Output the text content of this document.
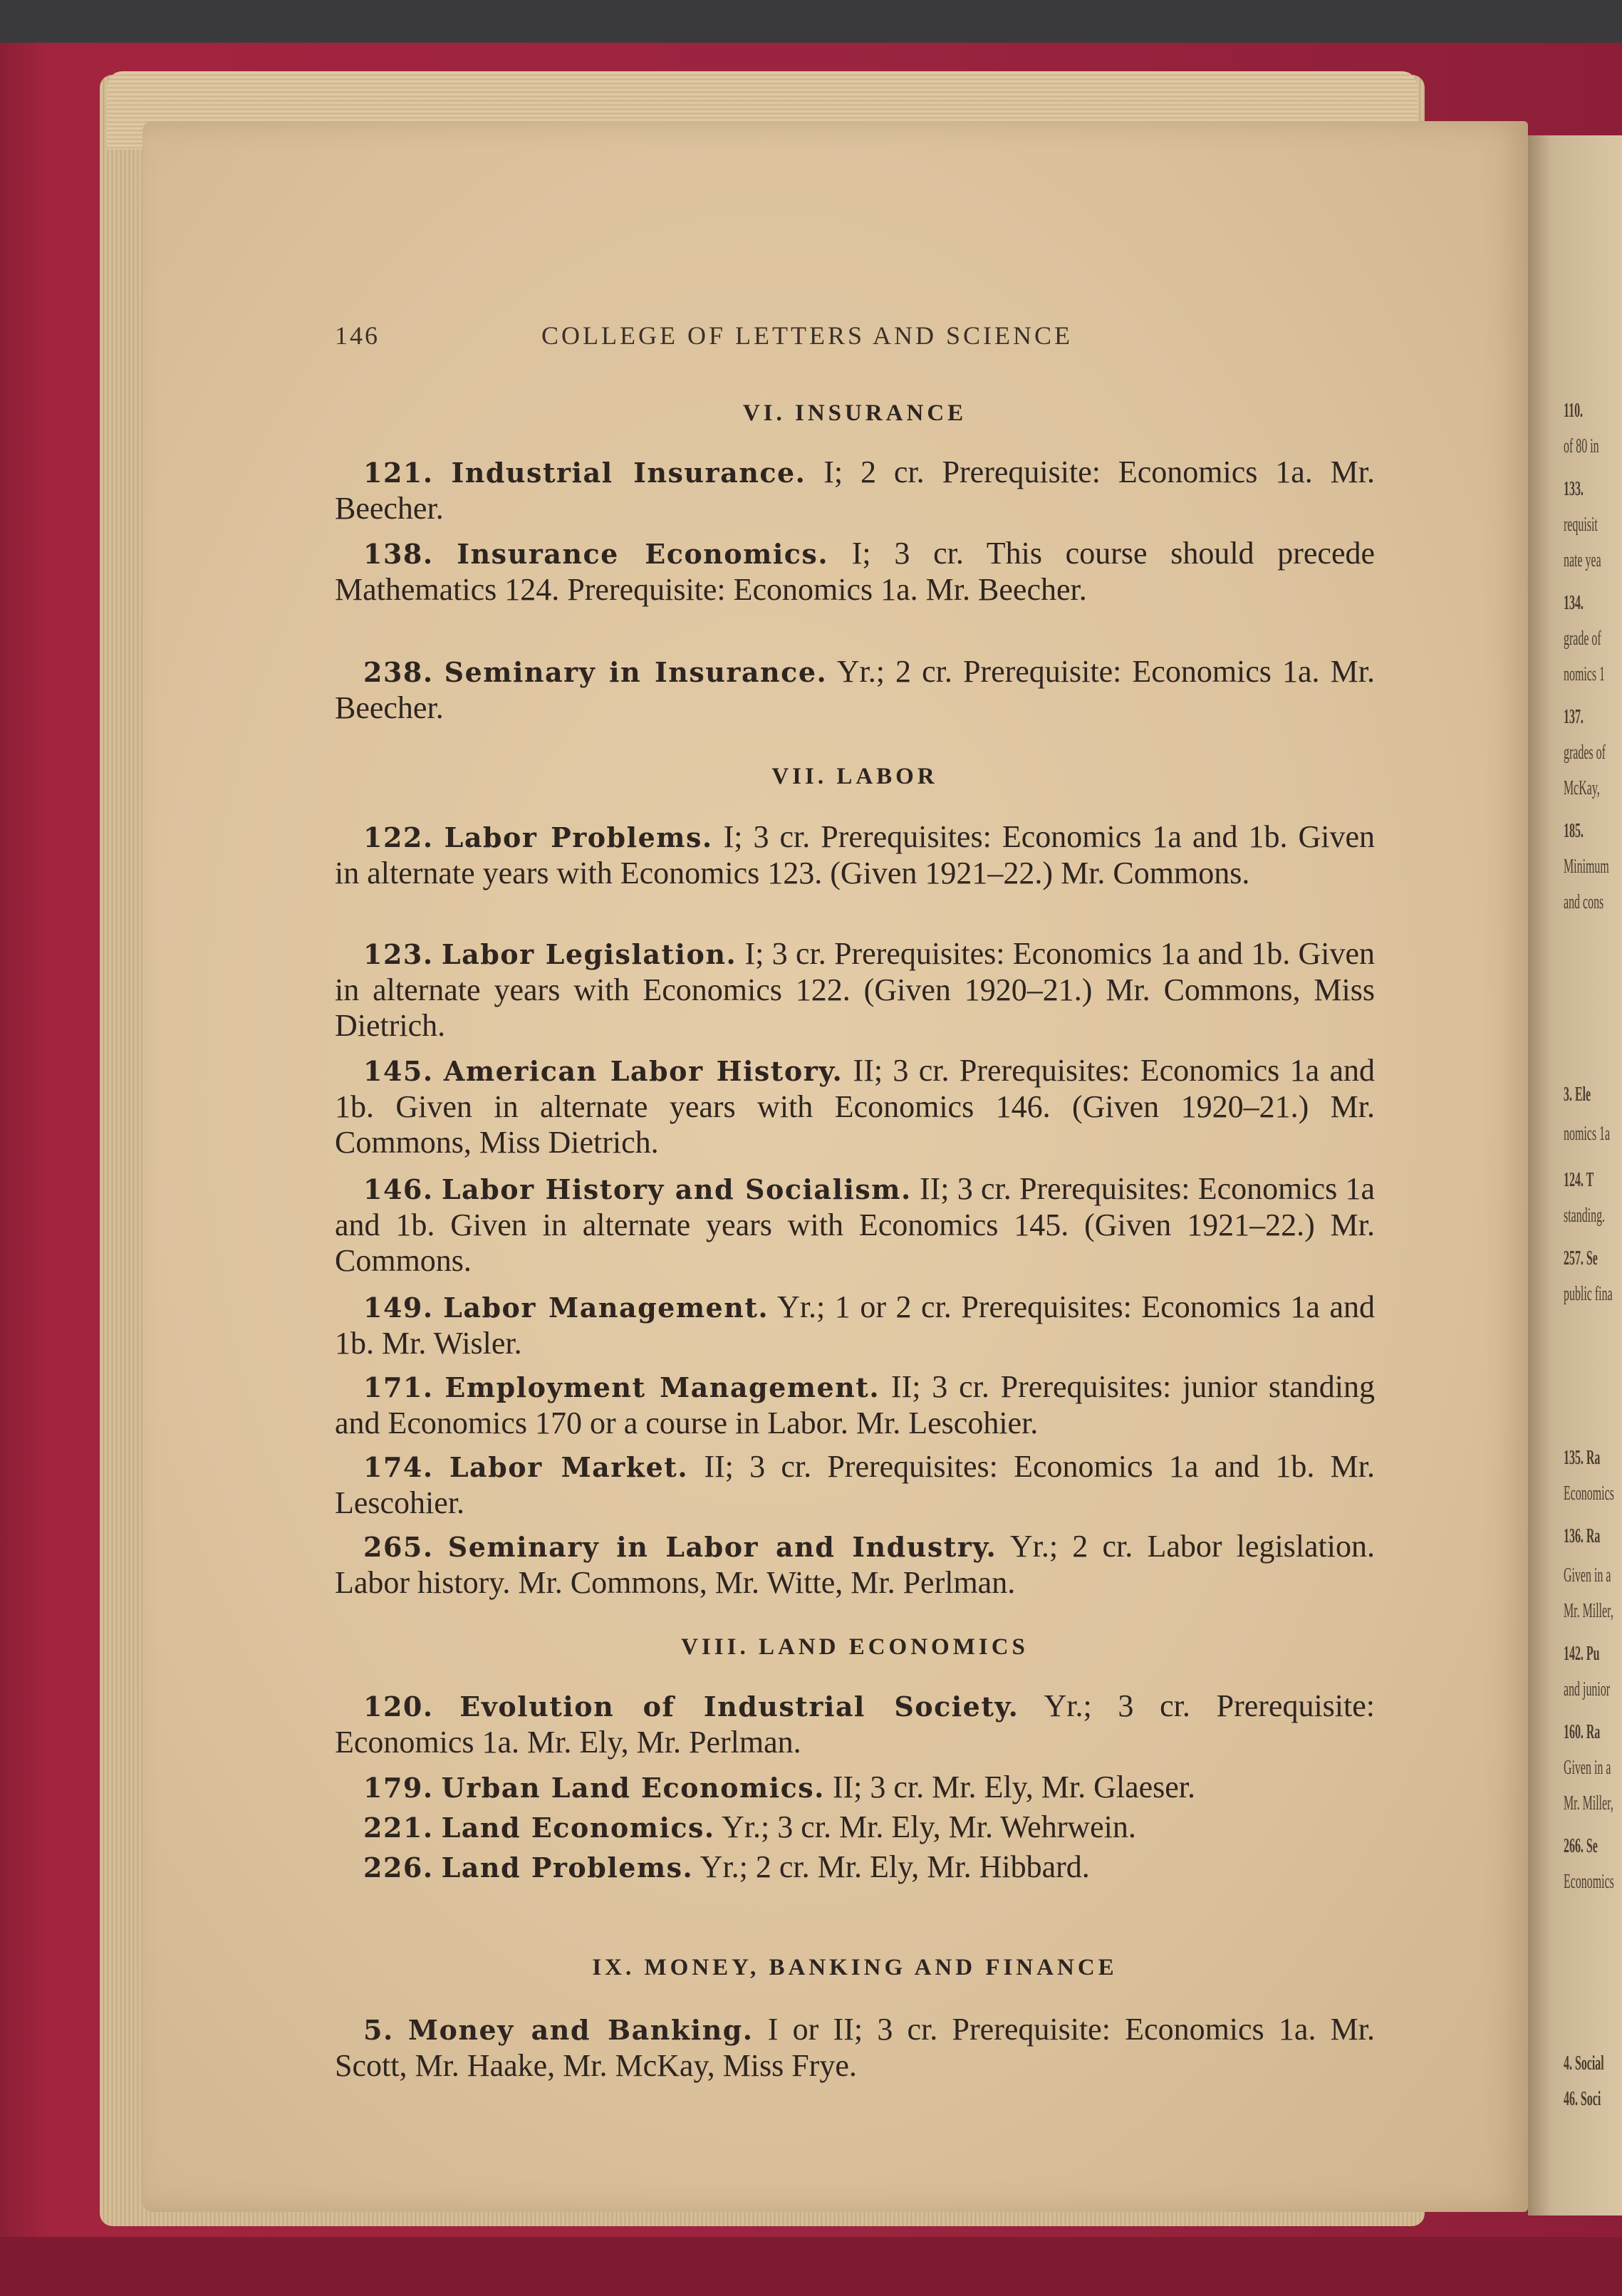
110.
of 80 in
133.
requisit
nate yea
134.
grade of
nomics 1
137.
grades of
McKay,
185.
Minimum
and cons
3. Ele
nomics 1a
124. T
standing.
257. Se
public fina
135. Ra
Economics
136. Ra
Given in a
Mr. Miller,
142. Pu
and junior
160. Ra
Given in a
Mr. Miller,
266. Se
Economics
4. Social
46. Soci
146	COLLEGE OF LETTERS AND SCIENCE
VI. INSURANCE
121. Industrial Insurance. I; 2 cr. Prerequisite: Economics 1a. Mr. Beecher.
138. Insurance Economics. I; 3 cr. This course should precede Mathematics 124. Prerequisite: Economics 1a. Mr. Beecher.
238. Seminary in Insurance. Yr.; 2 cr. Prerequisite: Economics 1a. Mr. Beecher.
VII. LABOR
122. Labor Problems. I; 3 cr. Prerequisites: Economics 1a and 1b. Given in alternate years with Economics 123. (Given 1921–22.) Mr. Commons.
123. Labor Legislation. I; 3 cr. Prerequisites: Economics 1a and 1b. Given in alternate years with Economics 122. (Given 1920–21.) Mr. Commons, Miss Dietrich.
145. American Labor History. II; 3 cr. Prerequisites: Economics 1a and 1b. Given in alternate years with Economics 146. (Given 1920–21.) Mr. Commons, Miss Dietrich.
146. Labor History and Socialism. II; 3 cr. Prerequisites: Economics 1a and 1b. Given in alternate years with Economics 145. (Given 1921–22.) Mr. Commons.
149. Labor Management. Yr.; 1 or 2 cr. Prerequisites: Economics 1a and 1b. Mr. Wisler.
171. Employment Management. II; 3 cr. Prerequisites: junior standing and Economics 170 or a course in Labor. Mr. Lescohier.
174. Labor Market. II; 3 cr. Prerequisites: Economics 1a and 1b. Mr. Lescohier.
265. Seminary in Labor and Industry. Yr.; 2 cr. Labor legislation. Labor history. Mr. Commons, Mr. Witte, Mr. Perlman.
VIII. LAND ECONOMICS
120. Evolution of Industrial Society. Yr.; 3 cr. Prerequisite: Economics 1a. Mr. Ely, Mr. Perlman.
179. Urban Land Economics. II; 3 cr. Mr. Ely, Mr. Glaeser.
221. Land Economics. Yr.; 3 cr. Mr. Ely, Mr. Wehrwein.
226. Land Problems. Yr.; 2 cr. Mr. Ely, Mr. Hibbard.
IX. MONEY, BANKING AND FINANCE
5. Money and Banking. I or II; 3 cr. Prerequisite: Economics 1a. Mr. Scott, Mr. Haake, Mr. McKay, Miss Frye.
